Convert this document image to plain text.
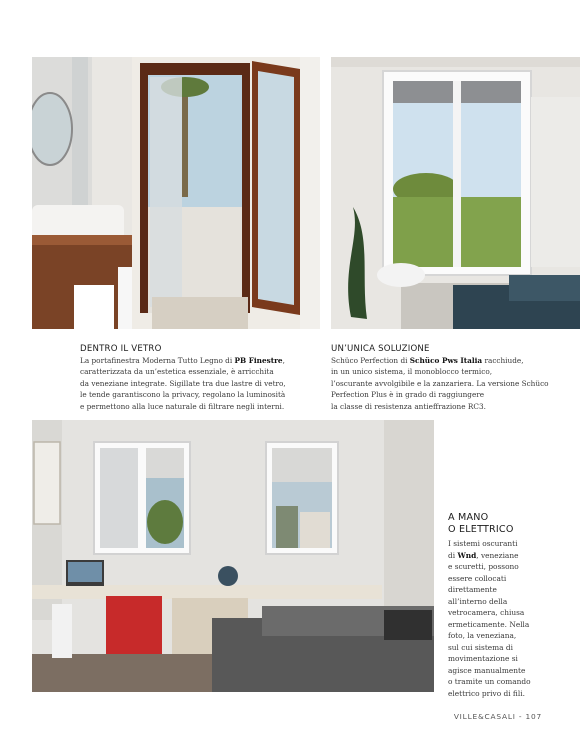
DENTRO IL VETRO
La portafinestra Moderna Tutto Legno di PB Finestre,
caratterizzata da un’estetica essenziale, è arricchita
da veneziane integrate. Sigillate tra due lastre di vetro,
le tende garantiscono la privacy, regolano la luminosità
e permettono alla luce naturale di filtrare negli interni.
UN’UNICA SOLUZIONE
Schüco Perfection di Schüco Pws Italia racchiude,
in un unico sistema, il monoblocco termico,
l’oscurante avvolgibile e la zanzariera. La versione Schüco
Perfection Plus è in grado di raggiungere
la classe di resistenza antieffrazione RC3.
A MANO
O ELETTRICO
I sistemi oscuranti
di Wnd, veneziane
e scuretti, possono
essere collocati
direttamente
all’interno della
vetrocamera, chiusa
ermeticamente. Nella
foto, la veneziana,
sul cui sistema di
movimentazione si
agisce manualmente
o tramite un comando
elettrico privo di fili.
VILLE&CASALI - 107
